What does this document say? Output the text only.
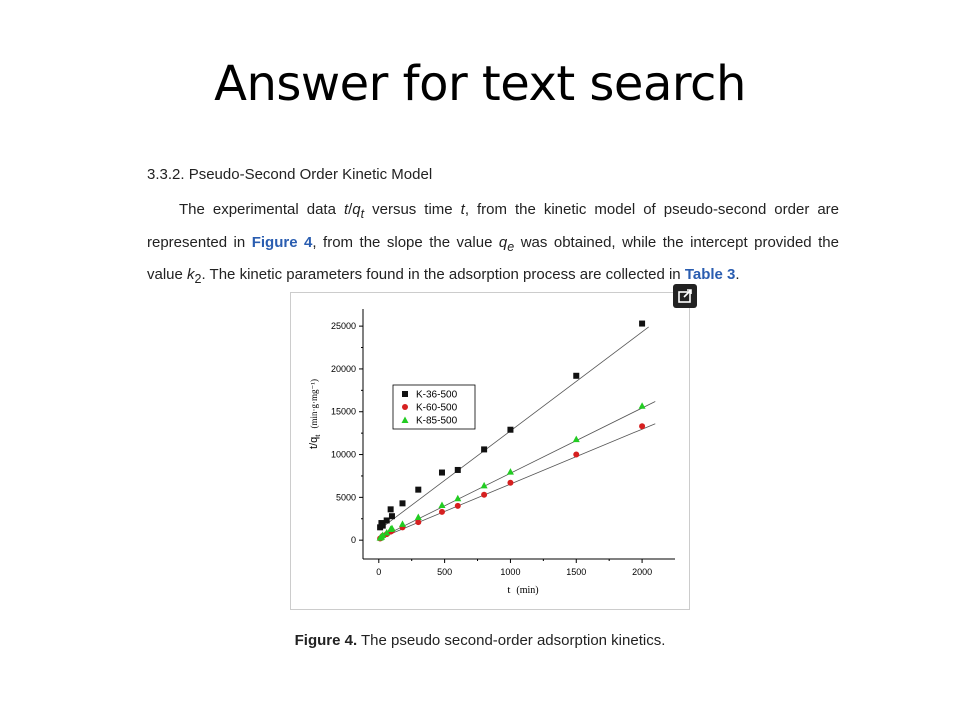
Answer for text search
3.3.2. Pseudo-Second Order Kinetic Model
The experimental data $t/q_t$ versus time t, from the kinetic model of pseudo-second order are represented in Figure 4, from the slope the value $q_e$ was obtained, while the intercept provided the value $k_2$. The kinetic parameters found in the adsorption process are collected in Table 3.
0	500	1000	1500	2000
0
5000
10000
15000
20000
25000
t (min)
$t/q_t^{(min\cdot g\cdot mg^{-1})}$	K-36-500
K-60-500
K-85-500
Figure 4. The pseudo second-order adsorption kinetics.
